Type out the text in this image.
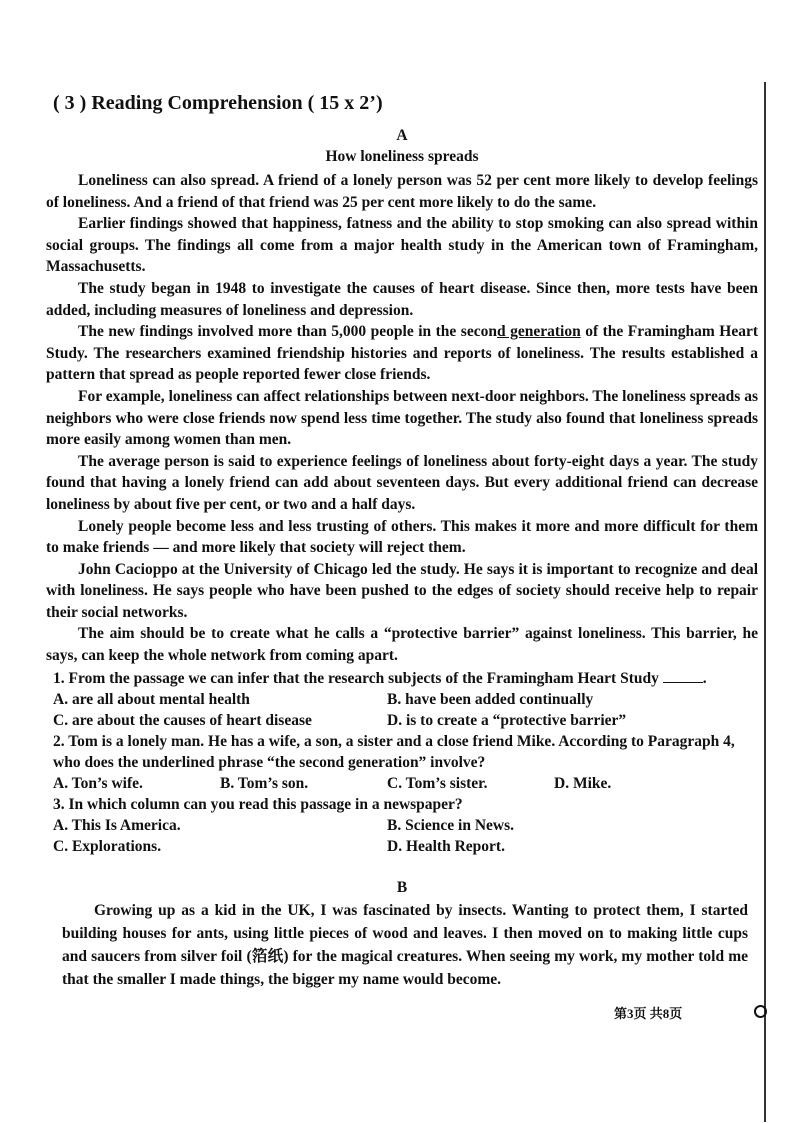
( 3 ) Reading Comprehension ( 15 x 2’)
A
How loneliness spreads

Loneliness can also spread. A friend of a lonely person was 52 per cent more likely to develop feelings of loneliness. And a friend of that friend was 25 per cent more likely to do the same.

Earlier findings showed that happiness, fatness and the ability to stop smoking can also spread within social groups. The findings all come from a major health study in the American town of Framingham, Massachusetts.

The study began in 1948 to investigate the causes of heart disease. Since then, more tests have been added, including measures of loneliness and depression.

The new findings involved more than 5,000 people in the second generation of the Framingham Heart Study. The researchers examined friendship histories and reports of loneliness. The results established a pattern that spread as people reported fewer close friends.

For example, loneliness can affect relationships between next-door neighbors. The loneliness spreads as neighbors who were close friends now spend less time together. The study also found that loneliness spreads more easily among women than men.

The average person is said to experience feelings of loneliness about forty-eight days a year. The study found that having a lonely friend can add about seventeen days. But every additional friend can decrease loneliness by about five per cent, or two and a half days.

Lonely people become less and less trusting of others. This makes it more and more difficult for them to make friends — and more likely that society will reject them.

John Cacioppo at the University of Chicago led the study. He says it is important to recognize and deal with loneliness. He says people who have been pushed to the edges of society should receive help to repair their social networks.

The aim should be to create what he calls a “protective barrier” against loneliness. This barrier, he says, can keep the whole network from coming apart.

1. From the passage we can infer that the research subjects of the Framingham Heart Study	.

A. are all about mental health	B. have been added continually
C. are about the causes of heart disease	D. is to create a “protective barrier”

2. Tom is a lonely man. He has a wife, a son, a sister and a close friend Mike. According to Paragraph 4, who does the underlined phrase “the second generation” involve?

A. Ton’s wife.	B. Tom’s son.	C. Tom’s sister.	D. Mike.

3. In which column can you read this passage in a newspaper?

A. This Is America.	B. Science in News.
C. Explorations.	D. Health Report.
B

Growing up as a kid in the UK, I was fascinated by insects. Wanting to protect them, I started building houses for ants, using little pieces of wood and leaves. I then moved on to making little cups and saucers from silver foil (箔纸) for the magical creatures. When seeing my work, my mother told me that the smaller I made things, the bigger my name would become.

第3页 共8页
